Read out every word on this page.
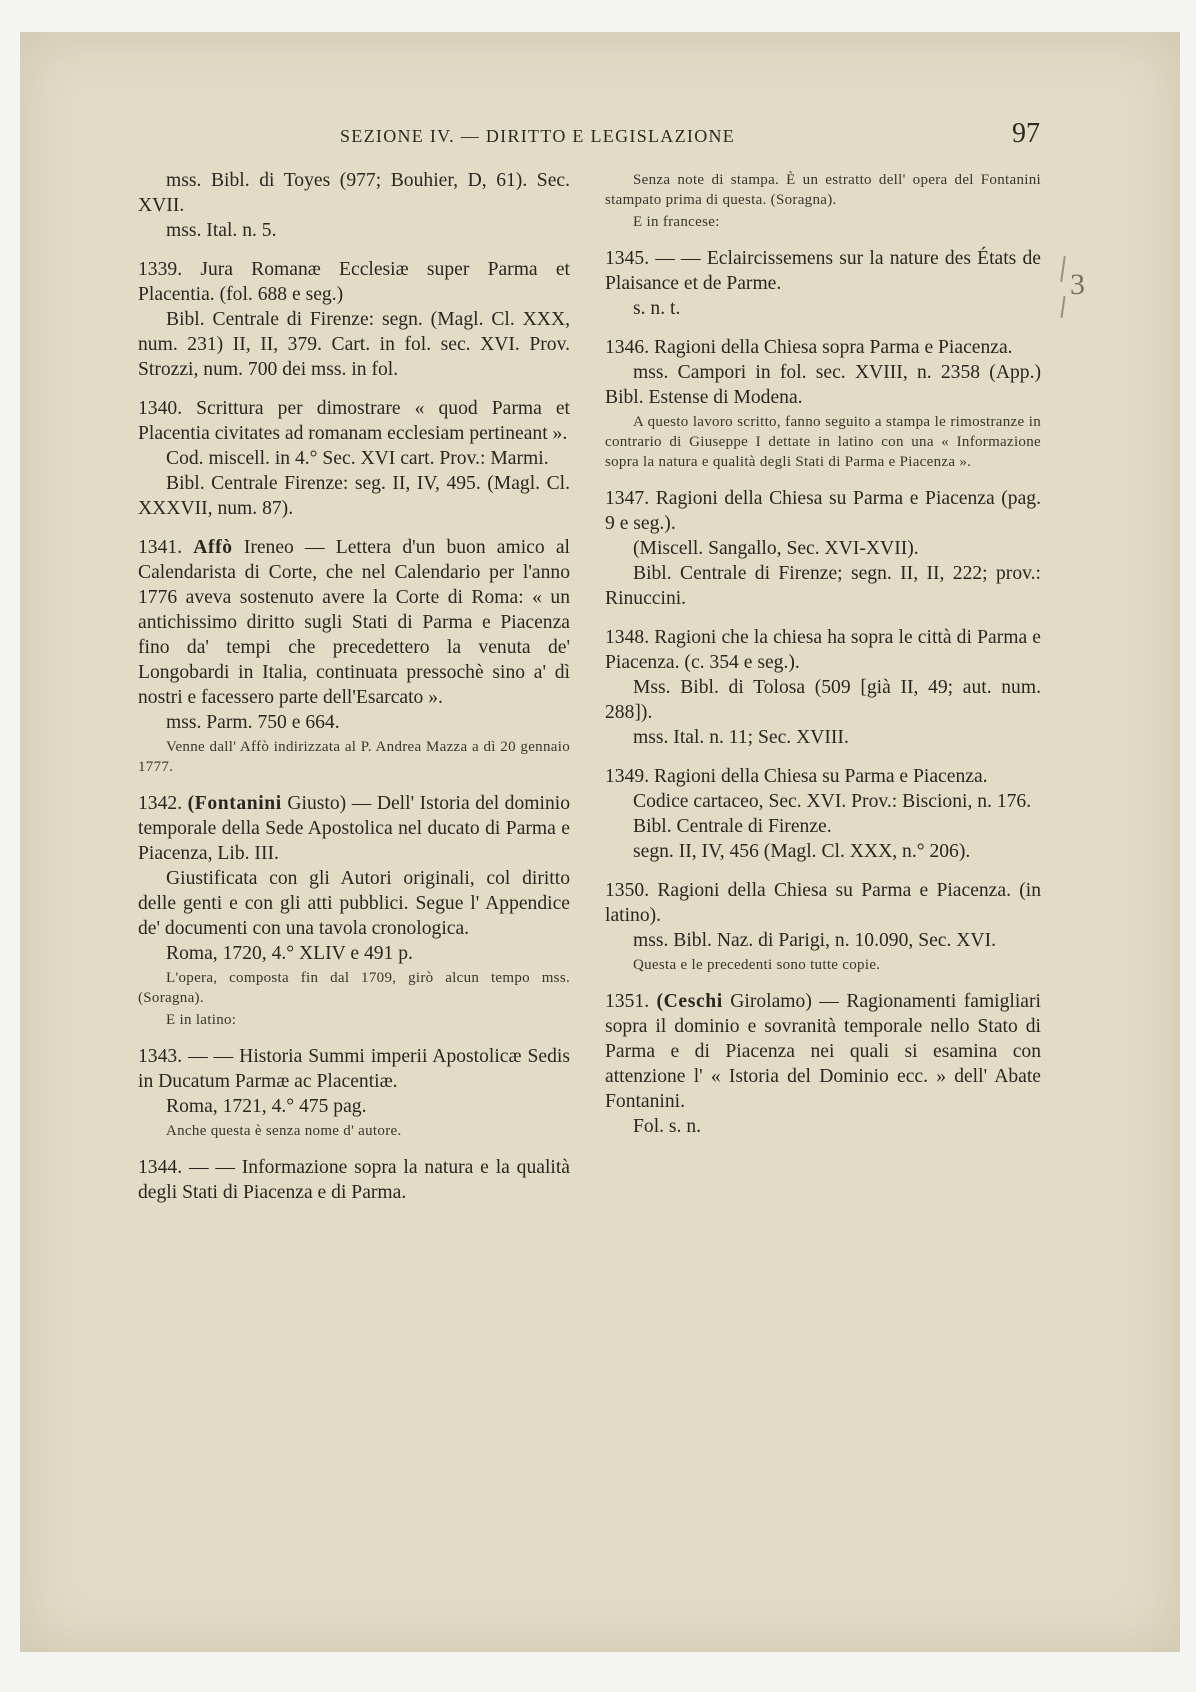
SEZIONE IV. — DIRITTO E LEGISLAZIONE	97

mss. Bibl. di Toyes (977; Bouhier, D, 61). Sec. XVII.

mss. Ital. n. 5.

1339. Jura Romanæ Ecclesiæ super Parma et Placentia. (fol. 688 e seg.)

Bibl. Centrale di Firenze: segn. (Magl. Cl. XXX, num. 231) II, II, 379. Cart. in fol. sec. XVI. Prov. Strozzi, num. 700 dei mss. in fol.

1340. Scrittura per dimostrare « quod Parma et Placentia civitates ad romanam ecclesiam pertineant ».

Cod. miscell. in 4.° Sec. XVI cart. Prov.: Marmi.

Bibl. Centrale Firenze: seg. II, IV, 495. (Magl. Cl. XXXVII, num. 87).

1341. Affò Ireneo — Lettera d'un buon amico al Calendarista di Corte, che nel Calendario per l'anno 1776 aveva sostenuto avere la Corte di Roma: « un antichissimo diritto sugli Stati di Parma e Piacenza fino da' tempi che precedettero la venuta de' Longobardi in Italia, continuata pressochè sino a' dì nostri e facessero parte dell'Esarcato ».

mss. Parm. 750 e 664.

Venne dall' Affò indirizzata al P. Andrea Mazza a dì 20 gennaio 1777.

1342. (Fontanini Giusto) — Dell' Istoria del dominio temporale della Sede Apostolica nel ducato di Parma e Piacenza, Lib. III.

Giustificata con gli Autori originali, col diritto delle genti e con gli atti pubblici. Segue l' Appendice de' documenti con una tavola cronologica.

Roma, 1720, 4.° XLIV e 491 p.

L'opera, composta fin dal 1709, girò alcun tempo mss. (Soragna).

E in latino:

1343. — — Historia Summi imperii Apostolicæ Sedis in Ducatum Parmæ ac Placentiæ.

Roma, 1721, 4.° 475 pag.

Anche questa è senza nome d' autore.

1344. — — Informazione sopra la natura e la qualità degli Stati di Piacenza e di Parma.

Senza note di stampa. È un estratto dell' opera del Fontanini stampato prima di questa. (Soragna).

E in francese:

1345. — — Eclaircissemens sur la nature des États de Plaisance et de Parme.

s. n. t.

1346. Ragioni della Chiesa sopra Parma e Piacenza.

mss. Campori in fol. sec. XVIII, n. 2358 (App.) Bibl. Estense di Modena.

A questo lavoro scritto, fanno seguito a stampa le rimostranze in contrario di Giuseppe I dettate in latino con una « Informazione sopra la natura e qualità degli Stati di Parma e Piacenza ».

1347. Ragioni della Chiesa su Parma e Piacenza (pag. 9 e seg.).

(Miscell. Sangallo, Sec. XVI-XVII).

Bibl. Centrale di Firenze; segn. II, II, 222; prov.: Rinuccini.

1348. Ragioni che la chiesa ha sopra le città di Parma e Piacenza. (c. 354 e seg.).

Mss. Bibl. di Tolosa (509 [già II, 49; aut. num. 288]).

mss. Ital. n. 11; Sec. XVIII.

1349. Ragioni della Chiesa su Parma e Piacenza.

Codice cartaceo, Sec. XVI. Prov.: Biscioni, n. 176.

Bibl. Centrale di Firenze.

segn. II, IV, 456 (Magl. Cl. XXX, n.° 206).

1350. Ragioni della Chiesa su Parma e Piacenza. (in latino).

mss. Bibl. Naz. di Parigi, n. 10.090, Sec. XVI.

Questa e le precedenti sono tutte copie.

1351. (Ceschi Girolamo) — Ragionamenti famigliari sopra il dominio e sovranità temporale nello Stato di Parma e di Piacenza nei quali si esamina con attenzione l' « Istoria del Dominio ecc. » dell' Abate Fontanini.

Fol. s. n.

3
